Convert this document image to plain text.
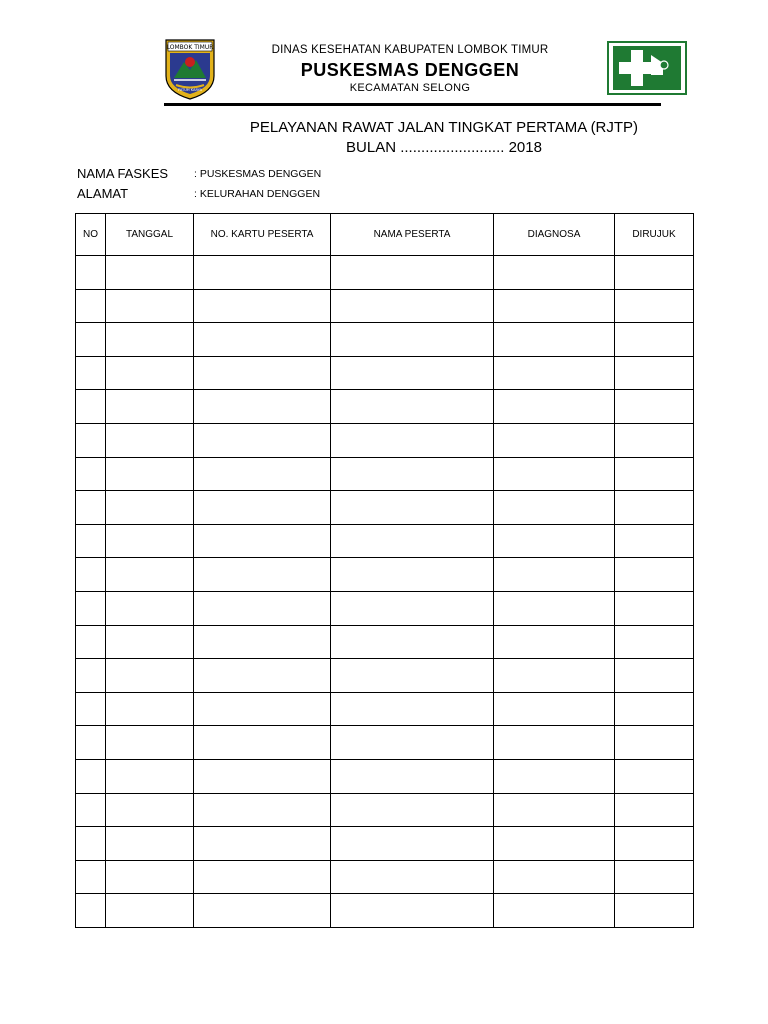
LOMBOK TIMUR
PATUH KARYA
DINAS KESEHATAN KABUPATEN LOMBOK TIMUR
PUSKESMAS DENGGEN
KECAMATAN SELONG
PELAYANAN RAWAT JALAN TINGKAT PERTAMA (RJTP)
BULAN ......................... 2018
NAMA FASKES : PUSKESMAS DENGGEN
ALAMAT	: KELURAHAN DENGGEN
NO	TANGGAL	NO. KARTU PESERTA	NAMA PESERTA	DIAGNOSA	DIRUJUK
